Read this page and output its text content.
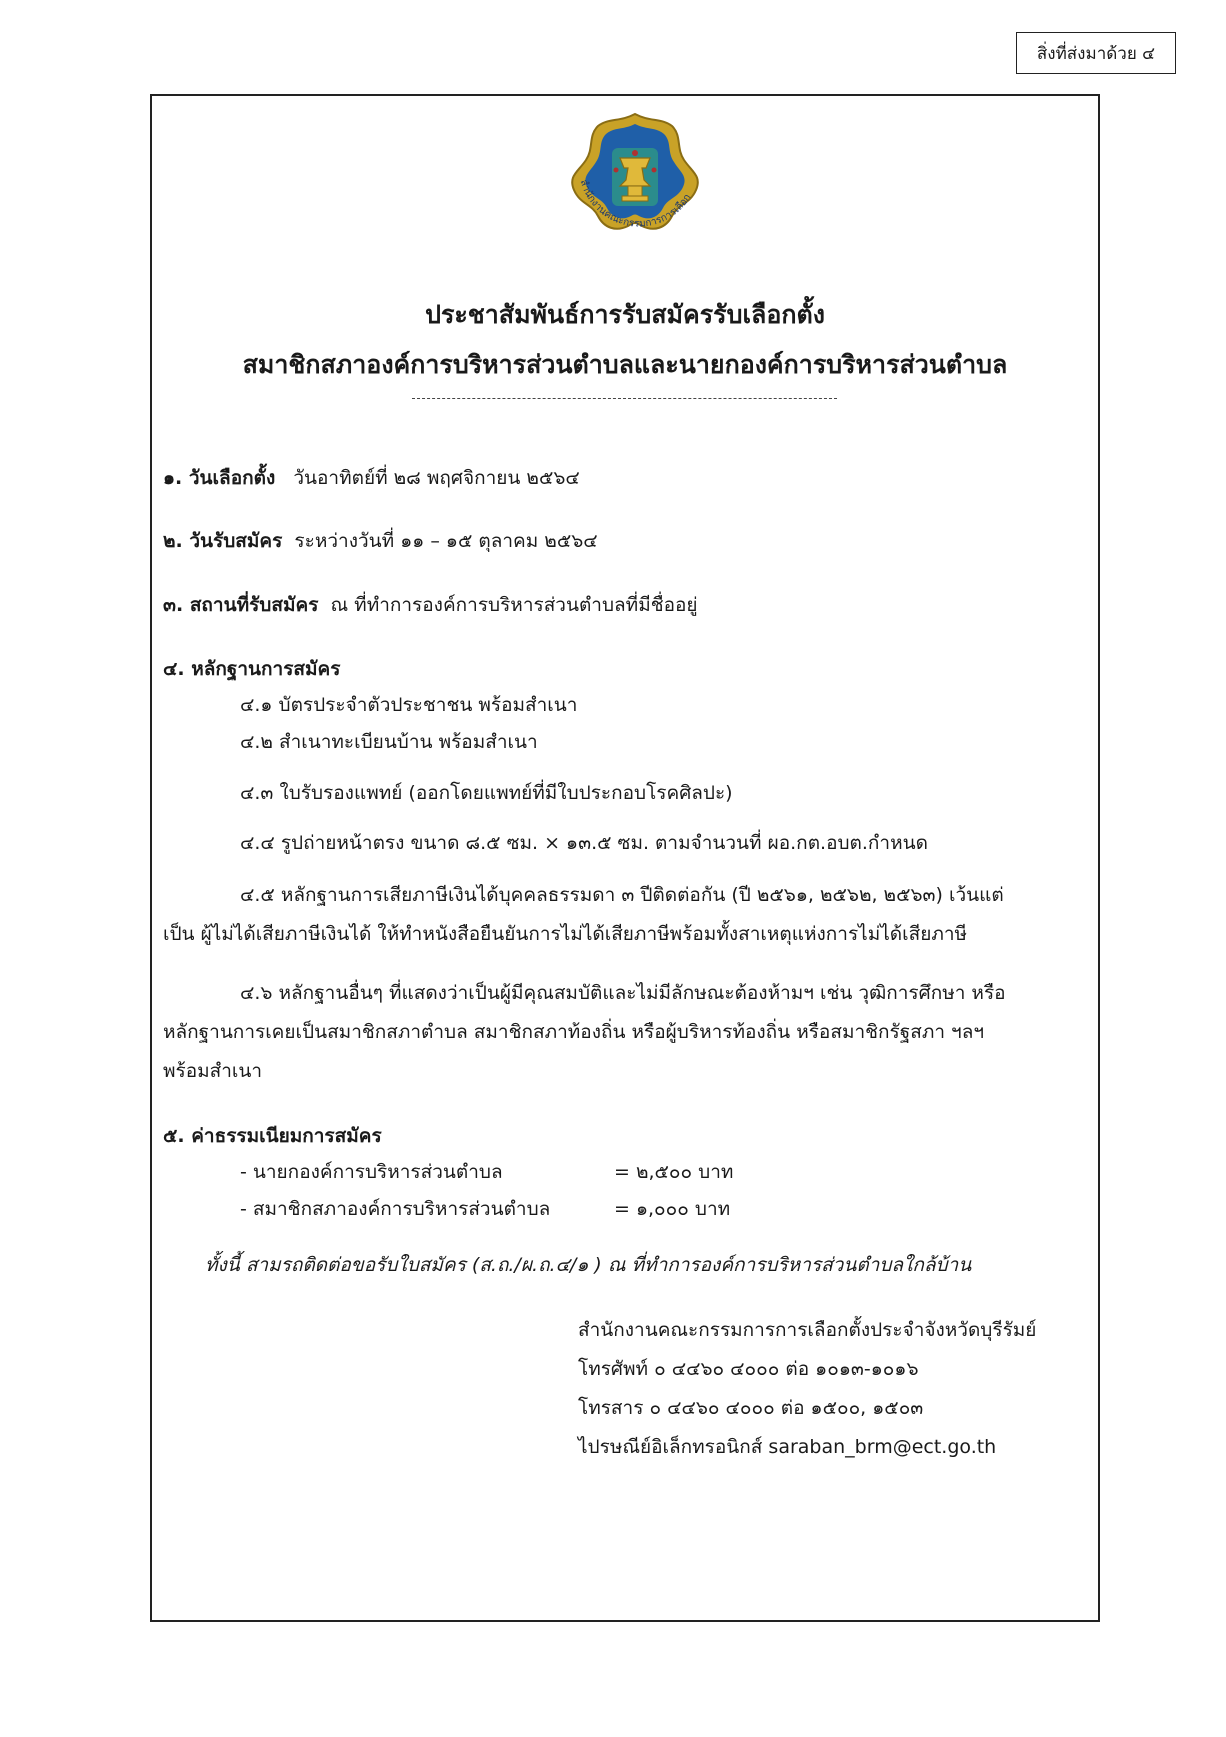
สิ่งที่ส่งมาด้วย ๔
สำนักงานคณะกรรมการการเลือก
ประชาสัมพันธ์การรับสมัครรับเลือกตั้ง
สมาชิกสภาองค์การบริหารส่วนตำบลและนายกองค์การบริหารส่วนตำบล
๑. วันเลือกตั้ง วันอาทิตย์ที่ ๒๘ พฤศจิกายน ๒๕๖๔
๒. วันรับสมัคร ระหว่างวันที่ ๑๑ – ๑๕ ตุลาคม ๒๕๖๔
๓. สถานที่รับสมัคร ณ ที่ทำการองค์การบริหารส่วนตำบลที่มีชื่ออยู่
๔. หลักฐานการสมัคร
๔.๑ บัตรประจำตัวประชาชน พร้อมสำเนา
๔.๒ สำเนาทะเบียนบ้าน พร้อมสำเนา
๔.๓ ใบรับรองแพทย์ (ออกโดยแพทย์ที่มีใบประกอบโรคศิลปะ)
๔.๔ รูปถ่ายหน้าตรง ขนาด ๘.๕ ซม. × ๑๓.๕ ซม. ตามจำนวนที่ ผอ.กต.อบต.กำหนด
๔.๕ หลักฐานการเสียภาษีเงินได้บุคคลธรรมดา ๓ ปีติดต่อกัน (ปี ๒๕๖๑, ๒๕๖๒, ๒๕๖๓) เว้นแต่
เป็น ผู้ไม่ได้เสียภาษีเงินได้ ให้ทำหนังสือยืนยันการไม่ได้เสียภาษีพร้อมทั้งสาเหตุแห่งการไม่ได้เสียภาษี
๔.๖ หลักฐานอื่นๆ ที่แสดงว่าเป็นผู้มีคุณสมบัติและไม่มีลักษณะต้องห้ามฯ เช่น วุฒิการศึกษา หรือ
หลักฐานการเคยเป็นสมาชิกสภาตำบล สมาชิกสภาท้องถิ่น หรือผู้บริหารท้องถิ่น หรือสมาชิกรัฐสภา ฯลฯ
พร้อมสำเนา
๕. ค่าธรรมเนียมการสมัคร
- นายกองค์การบริหารส่วนตำบล	= ๒,๕๐๐ บาท
- สมาชิกสภาองค์การบริหารส่วนตำบล	= ๑,๐๐๐ บาท
ทั้งนี้ สามรถติดต่อขอรับใบสมัคร (ส.ถ./ผ.ถ.๔/๑ ) ณ ที่ทำการองค์การบริหารส่วนตำบลใกล้บ้าน
สำนักงานคณะกรรมการการเลือกตั้งประจำจังหวัดบุรีรัมย์
โทรศัพท์ ๐ ๔๔๖๐ ๔๐๐๐ ต่อ ๑๐๑๓-๑๐๑๖
โทรสาร ๐ ๔๔๖๐ ๔๐๐๐ ต่อ ๑๕๐๐, ๑๕๐๓
ไปรษณีย์อิเล็กทรอนิกส์ saraban_brm@ect.go.th
